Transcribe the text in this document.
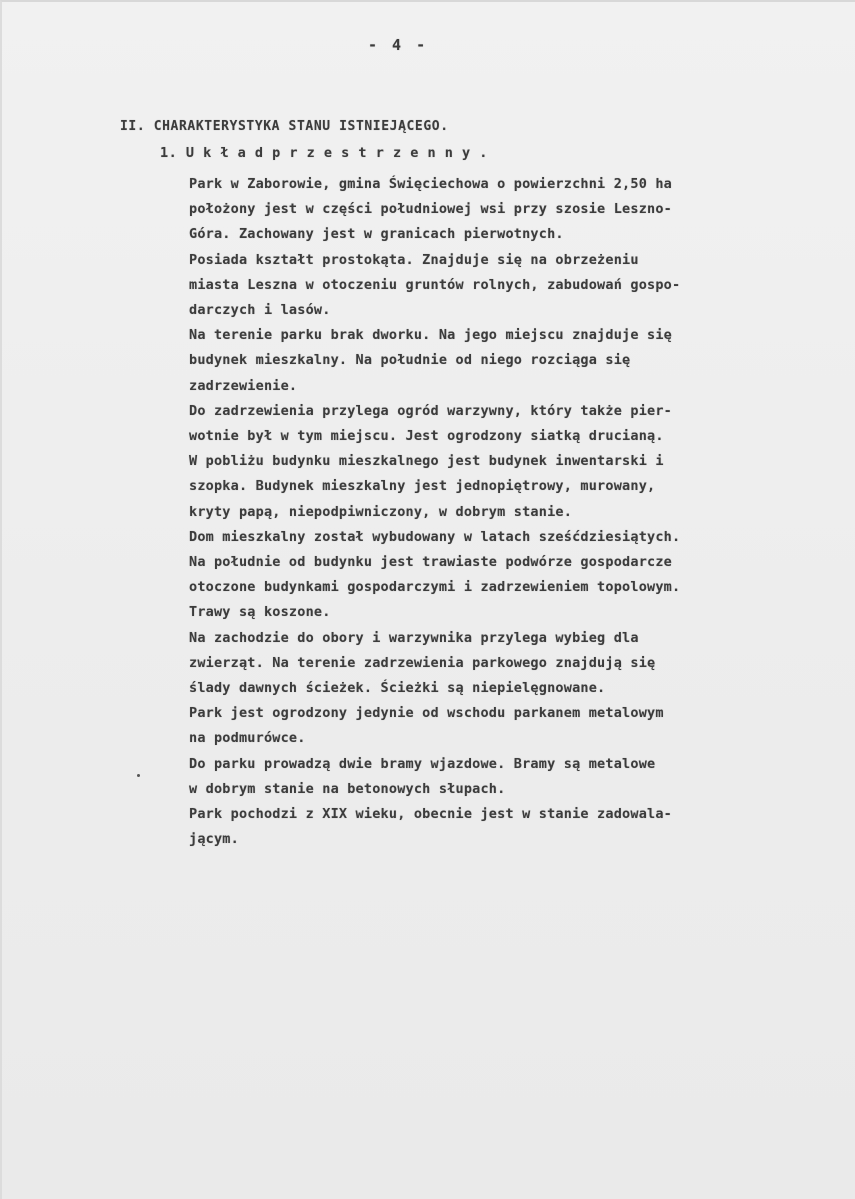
- 4 -
II. CHARAKTERYSTYKA STANU ISTNIEJĄCEGO.
1. U k ł a d p r z e s t r z e n n y .
Park w Zaborowie, gmina Święciechowa o powierzchni 2,50 ha
położony jest w części południowej wsi przy szosie Leszno-
Góra. Zachowany jest w granicach pierwotnych.
Posiada kształt prostokąta. Znajduje się na obrzeżeniu
miasta Leszna w otoczeniu gruntów rolnych, zabudowań gospo-
darczych i lasów.
Na terenie parku brak dworku. Na jego miejscu znajduje się
budynek mieszkalny. Na południe od niego rozciąga się
zadrzewienie.
Do zadrzewienia przylega ogród warzywny, który także pier-
wotnie był w tym miejscu. Jest ogrodzony siatką drucianą.
W pobliżu budynku mieszkalnego jest budynek inwentarski i
szopka. Budynek mieszkalny jest jednopiętrowy, murowany,
kryty papą, niepodpiwniczony, w dobrym stanie.
Dom mieszkalny został wybudowany w latach sześćdziesiątych.
Na południe od budynku jest trawiaste podwórze gospodarcze
otoczone budynkami gospodarczymi i zadrzewieniem topolowym.
Trawy są koszone.
Na zachodzie do obory i warzywnika przylega wybieg dla
zwierząt. Na terenie zadrzewienia parkowego znajdują się
ślady dawnych ścieżek. Ścieżki są niepielęgnowane.
Park jest ogrodzony jedynie od wschodu parkanem metalowym
na podmurówce.
Do parku prowadzą dwie bramy wjazdowe. Bramy są metalowe
w dobrym stanie na betonowych słupach.
Park pochodzi z XIX wieku, obecnie jest w stanie zadowala-
jącym.
